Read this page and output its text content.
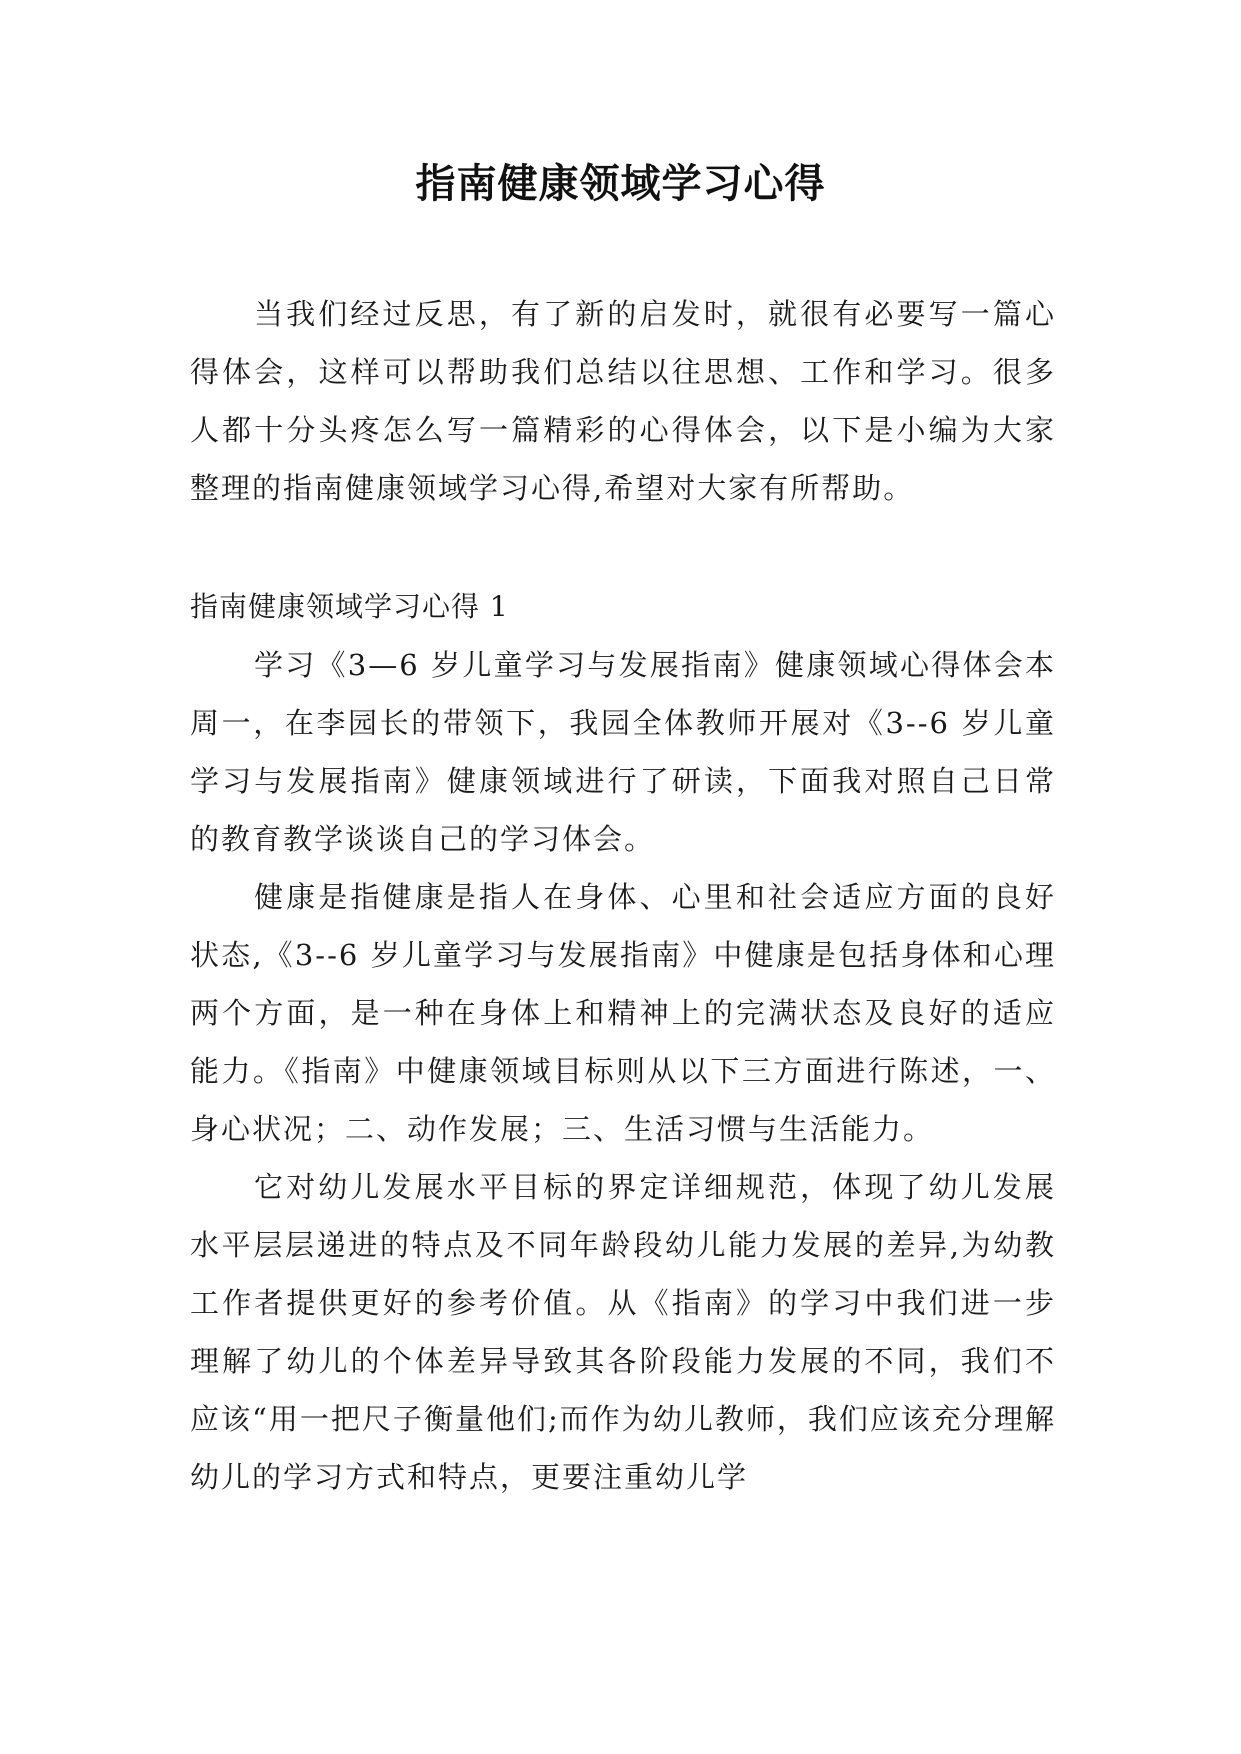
指南健康领域学习心得

当我们经过反思，有了新的启发时，就很有必要写一篇心得体会，这样可以帮助我们总结以往思想、工作和学习。很多人都十分头疼怎么写一篇精彩的心得体会，以下是小编为大家整理的指南健康领域学习心得,希望对大家有所帮助。

指南健康领域学习心得 1

学习《3—6 岁儿童学习与发展指南》健康领域心得体会本周一，在李园长的带领下，我园全体教师开展对《3--6 岁儿童学习与发展指南》健康领域进行了研读，下面我对照自己日常的教育教学谈谈自己的学习体会。

健康是指健康是指人在身体、心里和社会适应方面的良好状态,《3--6 岁儿童学习与发展指南》中健康是包括身体和心理两个方面，是一种在身体上和精神上的完满状态及良好的适应能力。《指南》中健康领域目标则从以下三方面进行陈述，一、身心状况；二、动作发展；三、生活习惯与生活能力。

它对幼儿发展水平目标的界定详细规范，体现了幼儿发展水平层层递进的特点及不同年龄段幼儿能力发展的差异,为幼教工作者提供更好的参考价值。从《指南》的学习中我们进一步理解了幼儿的个体差异导致其各阶段能力发展的不同，我们不应该“用一把尺子衡量他们;而作为幼儿教师，我们应该充分理解幼儿的学习方式和特点，更要注重幼儿学
